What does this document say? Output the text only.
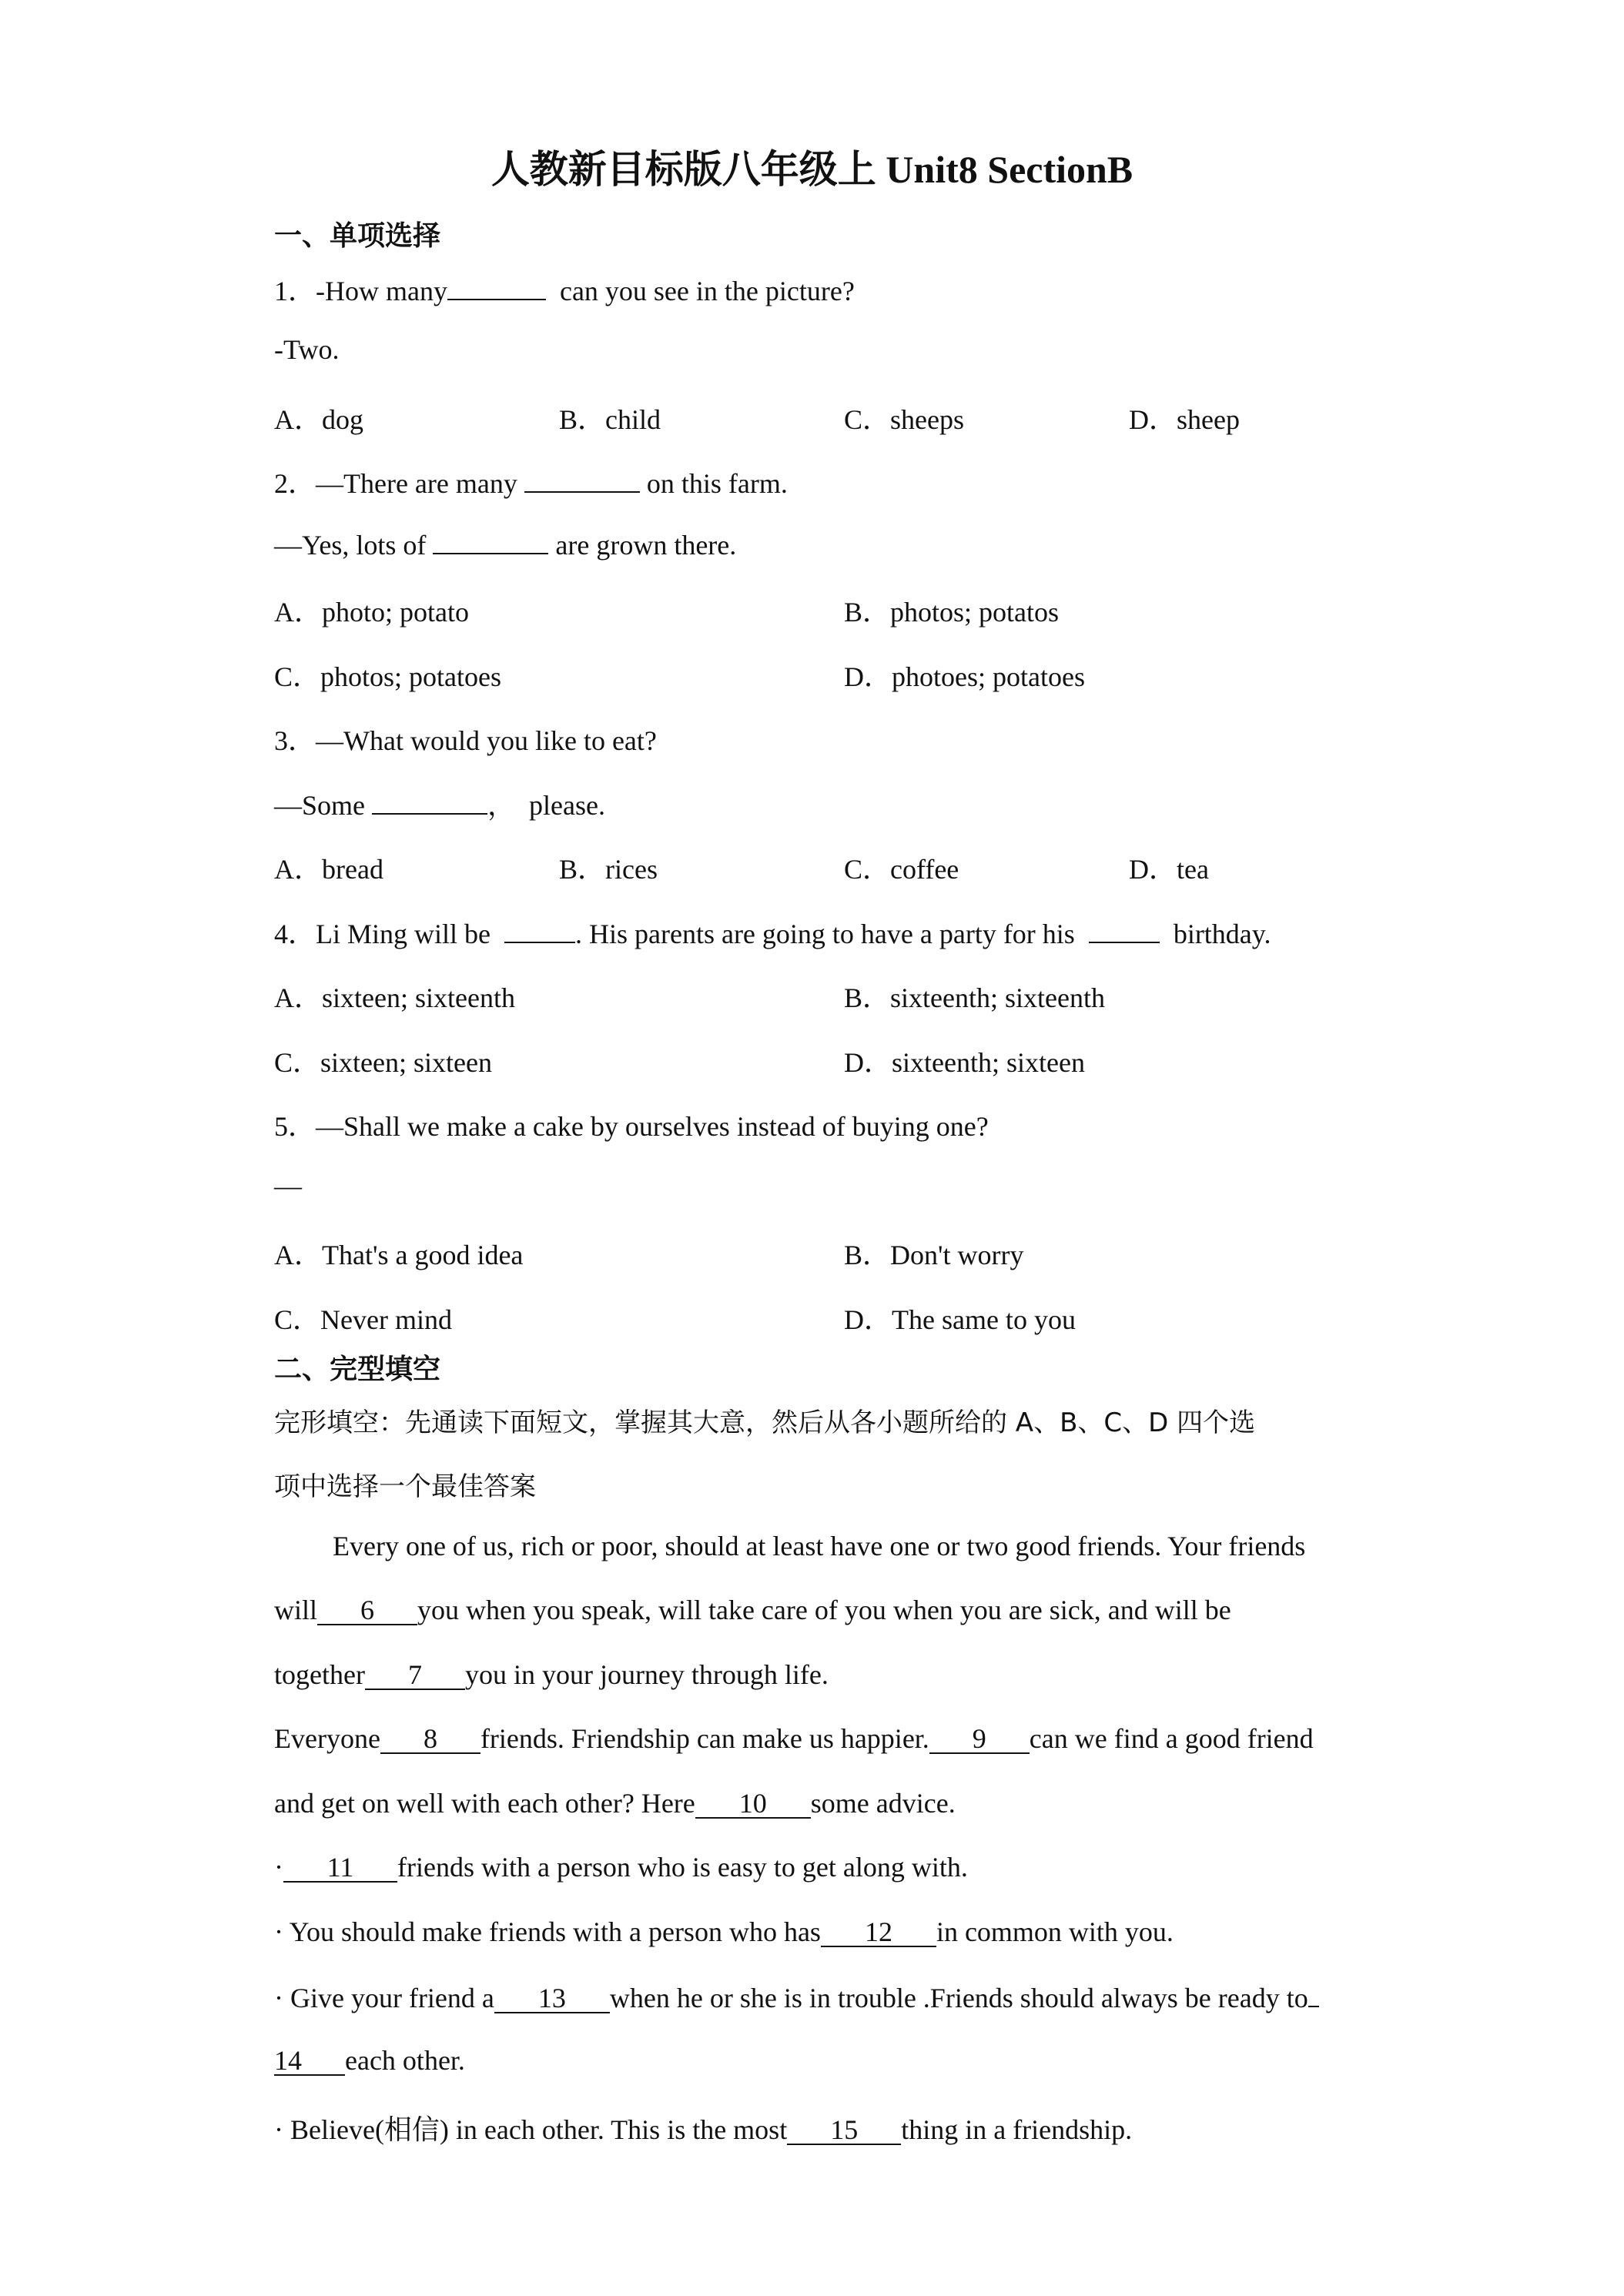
人教新目标版八年级上 Unit8 SectionB
一、单项选择
1．-How many	can you see in the picture?
-Two.
A．dog	B．child	C．sheeps	D．sheep
2．—There are many	on this farm.
—Yes, lots of	are grown there.
A．photo; potato	B．photos; potatos
C．photos; potatoes	D．photoes; potatoes
3．—What would you like to eat?
—Some	，  please.
A．bread	B．rices	C．coffee	D．tea
4．Li Ming will be	. His parents are going to have a party for his	birthday.
A．sixteen; sixteenth	B．sixteenth; sixteenth
C．sixteen; sixteen	D．sixteenth; sixteen
5．—Shall we make a cake by ourselves instead of buying one?
—
A．That's a good idea	B．Don't worry
C．Never mind	D．The same to you
二、完型填空
完形填空：先通读下面短文，掌握其大意，然后从各小题所给的 A、B、C、D 四个选
项中选择一个最佳答案
Every one of us, rich or poor, should at least have one or two good friends. Your friends
will 6 you when you speak, will take care of you when you are sick, and will be
together 7 you in your journey through life.
Everyone 8 friends. Friendship can make us happier. 9 can we find a good friend
and get on well with each other? Here 10 some advice.
· 11 friends with a person who is easy to get along with.
· You should make friends with a person who has 12 in common with you.
· Give your friend a 13 when he or she is in trouble .Friends should always be ready to
14 each other.
· Believe(相信) in each other. This is the most 15 thing in a friendship.
